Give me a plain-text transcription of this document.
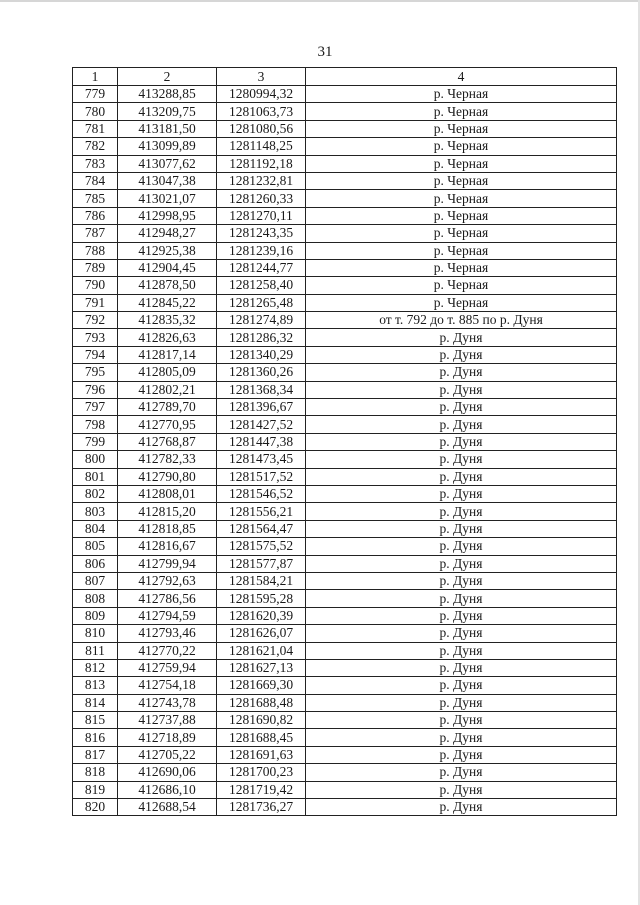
31
1	2	3	4
779	413288,85	1280994,32	р. Черная
780	413209,75	1281063,73	р. Черная
781	413181,50	1281080,56	р. Черная
782	413099,89	1281148,25	р. Черная
783	413077,62	1281192,18	р. Черная
784	413047,38	1281232,81	р. Черная
785	413021,07	1281260,33	р. Черная
786	412998,95	1281270,11	р. Черная
787	412948,27	1281243,35	р. Черная
788	412925,38	1281239,16	р. Черная
789	412904,45	1281244,77	р. Черная
790	412878,50	1281258,40	р. Черная
791	412845,22	1281265,48	р. Черная
792	412835,32	1281274,89	от т. 792 до т. 885 по р. Дуня
793	412826,63	1281286,32	р. Дуня
794	412817,14	1281340,29	р. Дуня
795	412805,09	1281360,26	р. Дуня
796	412802,21	1281368,34	р. Дуня
797	412789,70	1281396,67	р. Дуня
798	412770,95	1281427,52	р. Дуня
799	412768,87	1281447,38	р. Дуня
800	412782,33	1281473,45	р. Дуня
801	412790,80	1281517,52	р. Дуня
802	412808,01	1281546,52	р. Дуня
803	412815,20	1281556,21	р. Дуня
804	412818,85	1281564,47	р. Дуня
805	412816,67	1281575,52	р. Дуня
806	412799,94	1281577,87	р. Дуня
807	412792,63	1281584,21	р. Дуня
808	412786,56	1281595,28	р. Дуня
809	412794,59	1281620,39	р. Дуня
810	412793,46	1281626,07	р. Дуня
811	412770,22	1281621,04	р. Дуня
812	412759,94	1281627,13	р. Дуня
813	412754,18	1281669,30	р. Дуня
814	412743,78	1281688,48	р. Дуня
815	412737,88	1281690,82	р. Дуня
816	412718,89	1281688,45	р. Дуня
817	412705,22	1281691,63	р. Дуня
818	412690,06	1281700,23	р. Дуня
819	412686,10	1281719,42	р. Дуня
820	412688,54	1281736,27	р. Дуня
